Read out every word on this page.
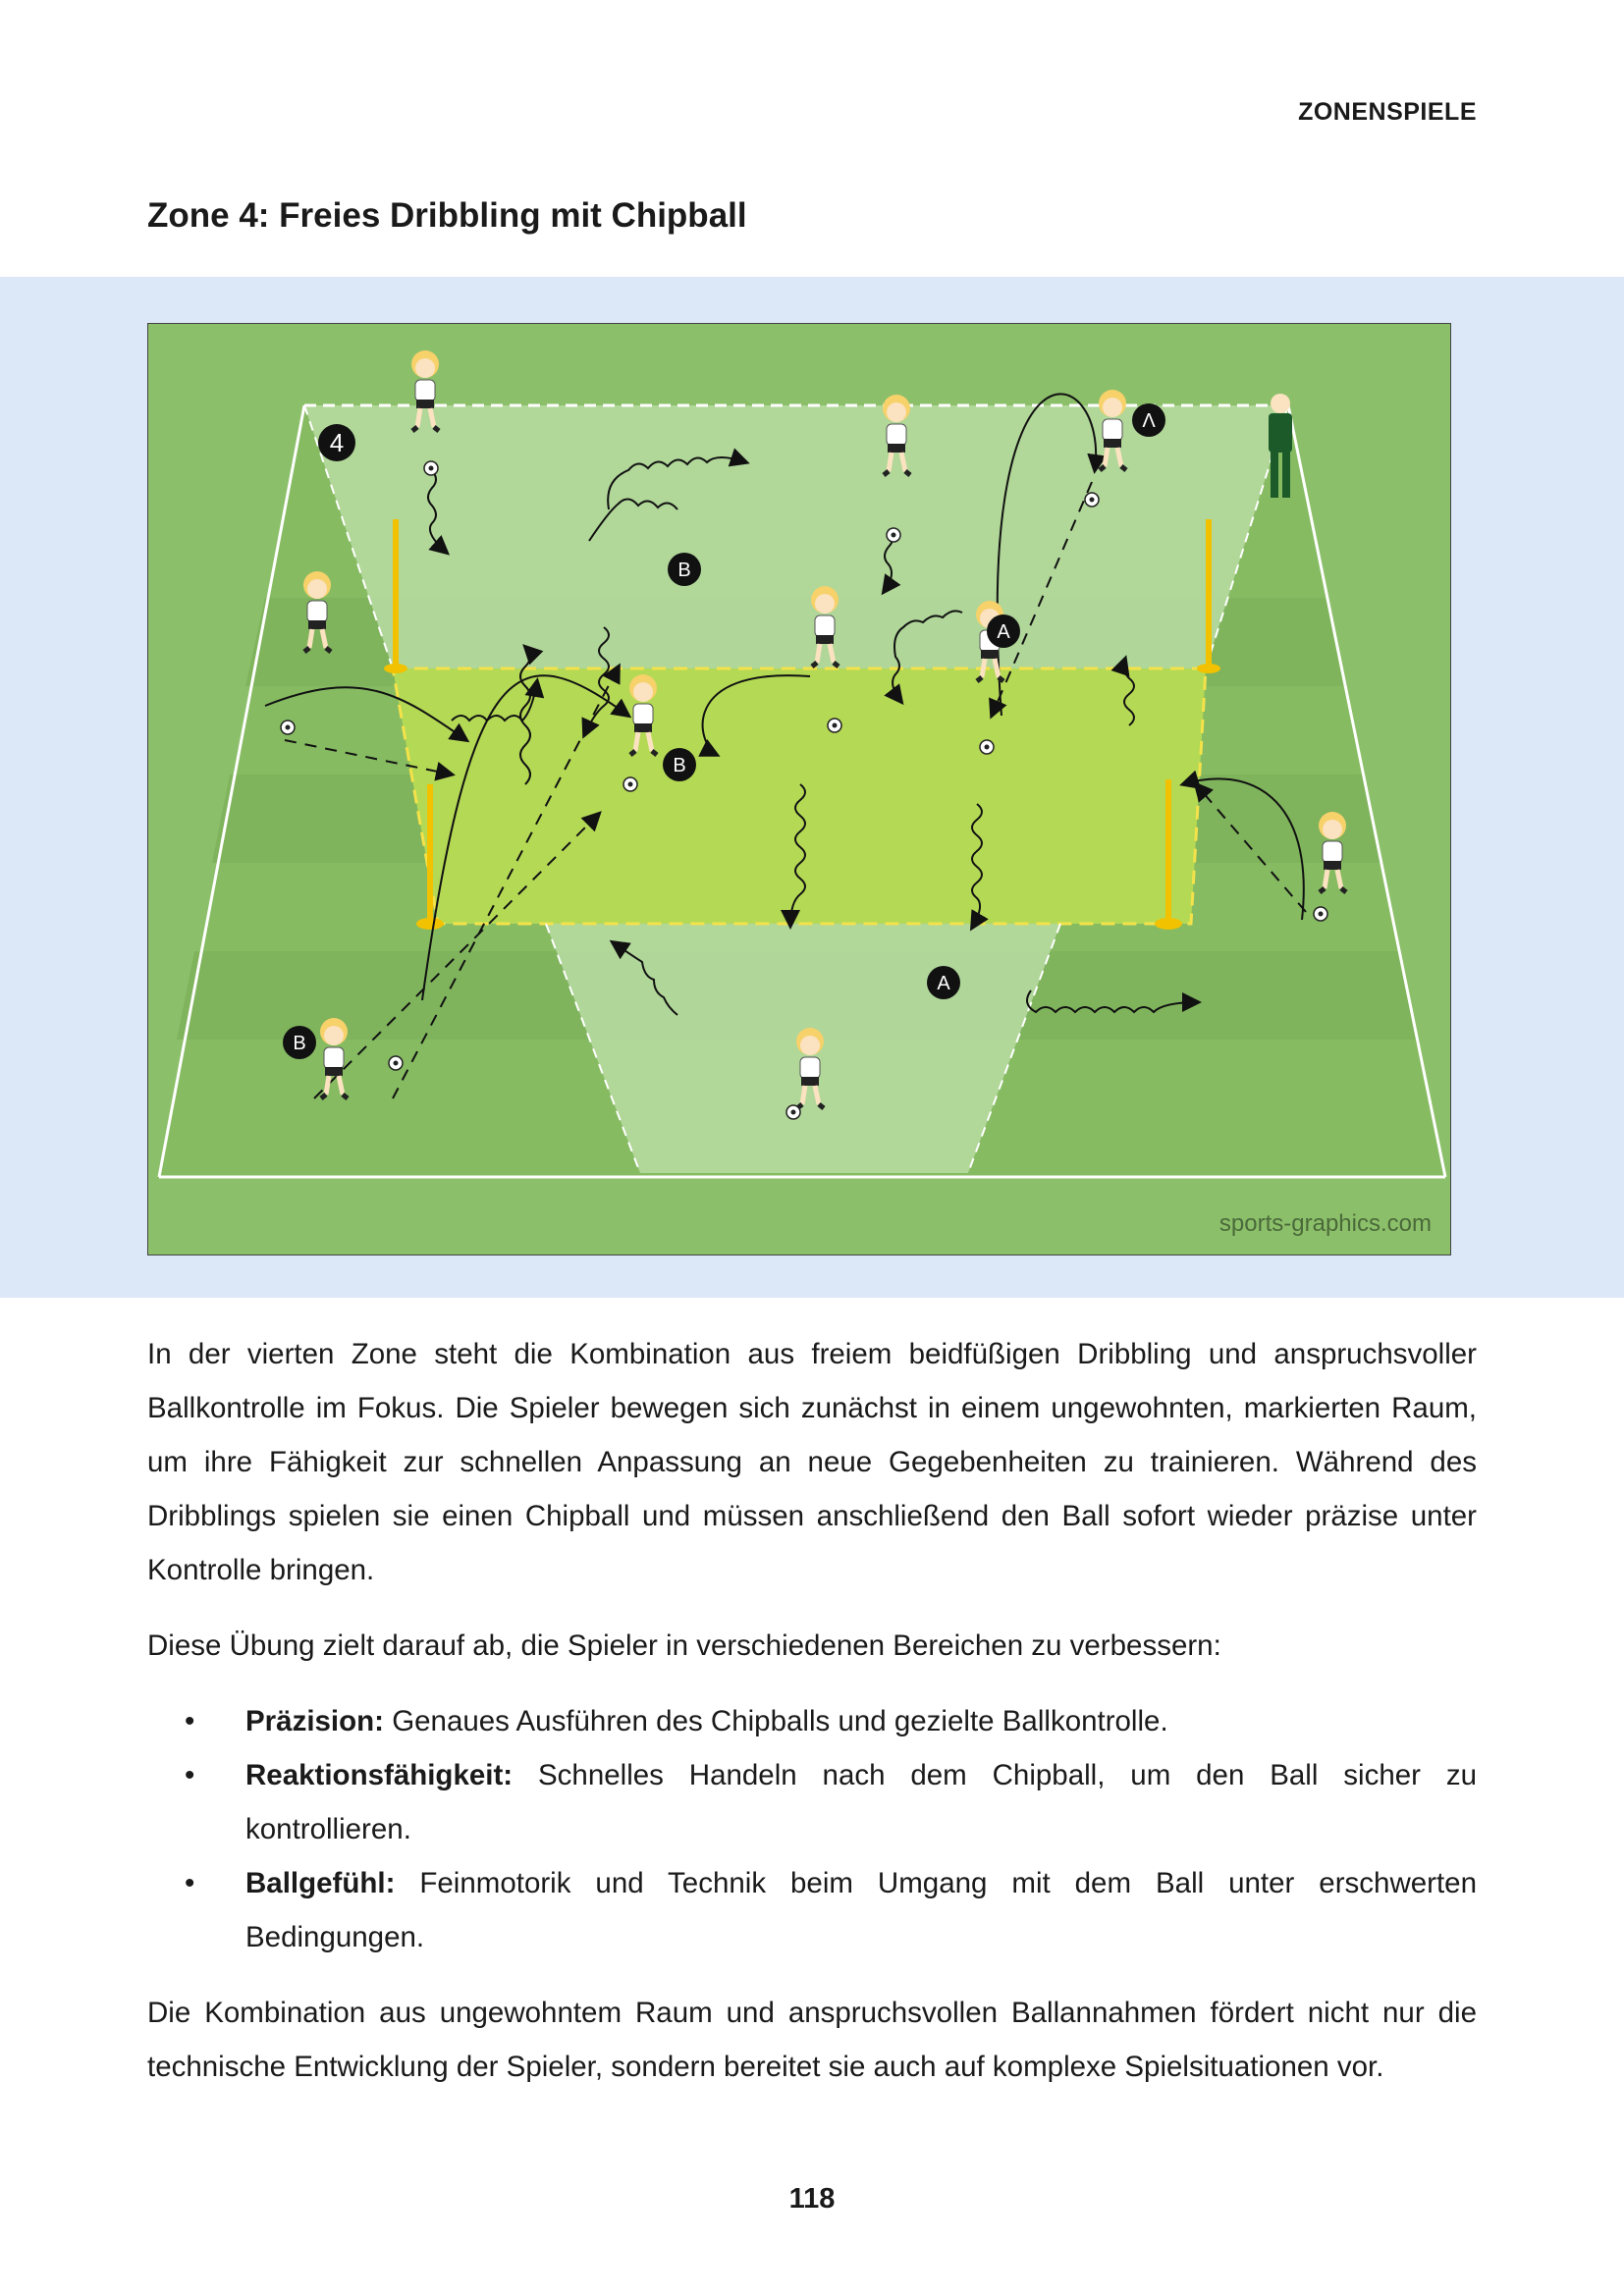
ZONENSPIELE
Zone 4: Freies Dribbling mit Chipball
4
Λ
B
A
B
A
B
sports-graphics.com

In der vierten Zone steht die Kombination aus freiem beidfüßigen Dribbling und anspruchsvoller Ballkontrolle im Fokus. Die Spieler bewegen sich zunächst in einem ungewohnten, markierten Raum, um ihre Fähigkeit zur schnellen Anpassung an neue Gegebenheiten zu trainieren. Während des Dribblings spielen sie einen Chipball und müssen anschließend den Ball sofort wieder präzise unter Kontrolle bringen.

Diese Übung zielt darauf ab, die Spieler in verschiedenen Bereichen zu verbessern:

• Präzision: Genaues Ausführen des Chipballs und gezielte Ballkontrolle.
• Reaktionsfähigkeit: Schnelles Handeln nach dem Chipball, um den Ball sicher zu kontrollieren.
• Ballgefühl: Feinmotorik und Technik beim Umgang mit dem Ball unter erschwerten Bedingungen.

Die Kombination aus ungewohntem Raum und anspruchsvollen Ballannahmen fördert nicht nur die technische Entwicklung der Spieler, sondern bereitet sie auch auf komplexe Spielsituationen vor.

118
